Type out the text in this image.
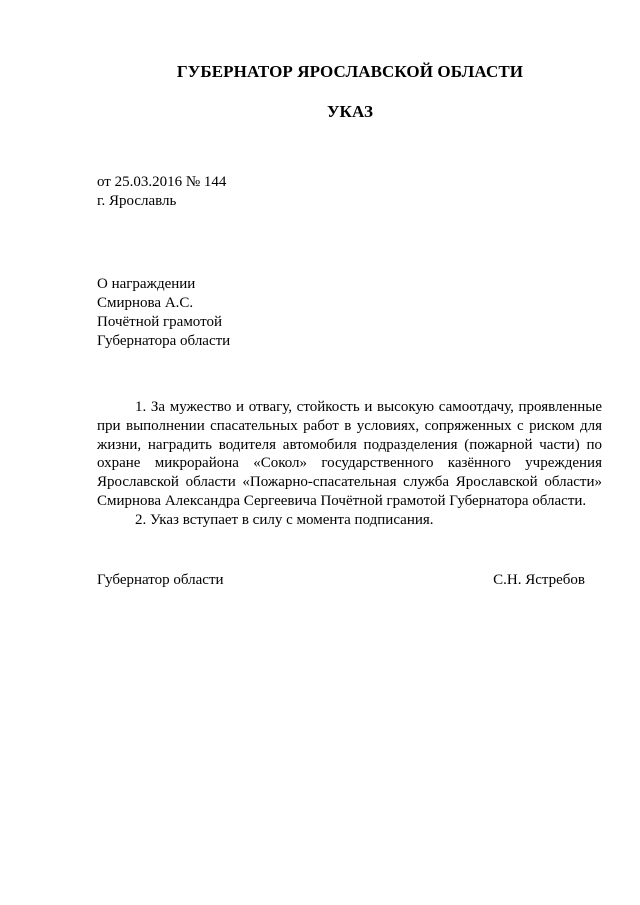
ГУБЕРНАТОР ЯРОСЛАВСКОЙ ОБЛАСТИ
УКАЗ
от 25.03.2016 № 144
г. Ярославль
О награждении
Смирнова А.С.
Почётной грамотой
Губернатора области

1. За мужество и отвагу, стойкость и высокую самоотдачу, проявленные при выполнении спасательных работ в условиях, сопряженных с риском для жизни, наградить водителя автомобиля подразделения (пожарной части) по охране микрорайона «Сокол» государственного казённого учреждения Ярославской области «Пожарно-спасательная служба Ярославской области» Смирнова Александра Сергеевича Почётной грамотой Губернатора области.

2. Указ вступает в силу с момента подписания.

Губернатор области	С.Н. Ястребов
